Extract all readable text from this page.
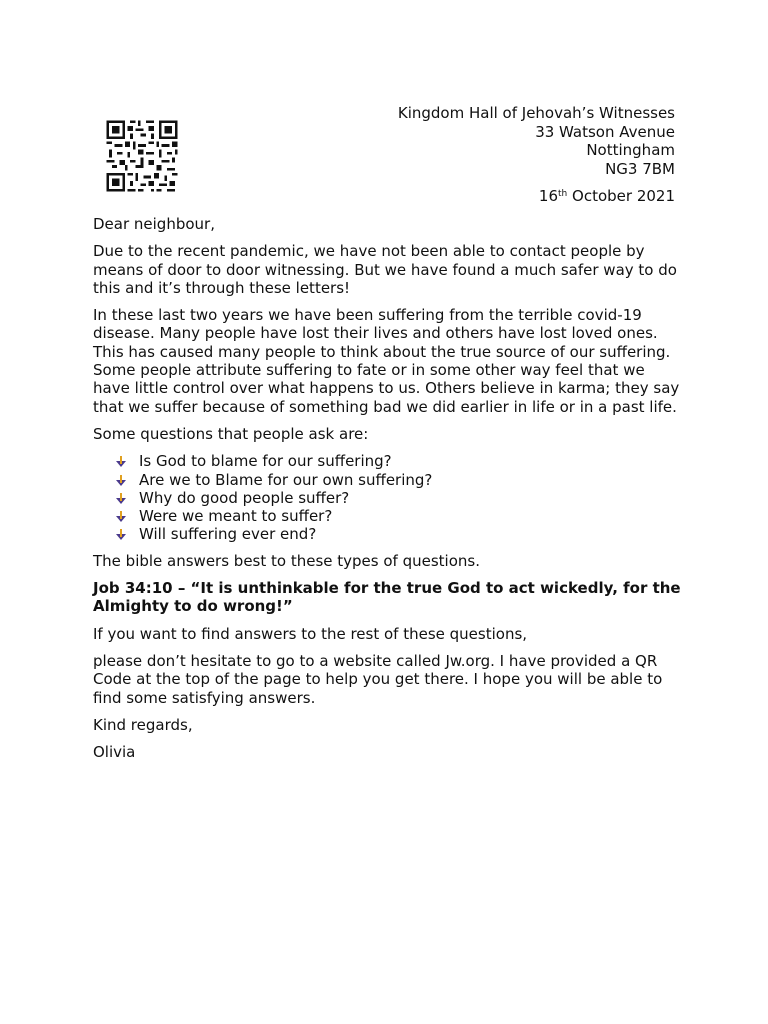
Kingdom Hall of Jehovah’s Witnesses
33 Watson Avenue
Nottingham
NG3 7BM
16th October 2021

Dear neighbour,

Due to the recent pandemic, we have not been able to contact people by means of door to door witnessing. But we have found a much safer way to do this and it’s through these letters!

In these last two years we have been suffering from the terrible covid-19 disease. Many people have lost their lives and others have lost loved ones. This has caused many people to think about the true source of our suffering. Some people attribute suffering to fate or in some other way feel that we have little control over what happens to us. Others believe in karma; they say that we suffer because of something bad we did earlier in life or in a past life.

Some questions that people ask are:

Is God to blame for our suffering?
Are we to Blame for our own suffering?
Why do good people suffer?
Were we meant to suffer?
Will suffering ever end?

The bible answers best to these types of questions.

Job 34:10 – “It is unthinkable for the true God to act wickedly, for the Almighty to do wrong!”

If you want to find answers to the rest of these questions,

please don’t hesitate to go to a website called Jw.org. I have provided a QR Code at the top of the page to help you get there. I hope you will be able to find some satisfying answers.

Kind regards,

Olivia
